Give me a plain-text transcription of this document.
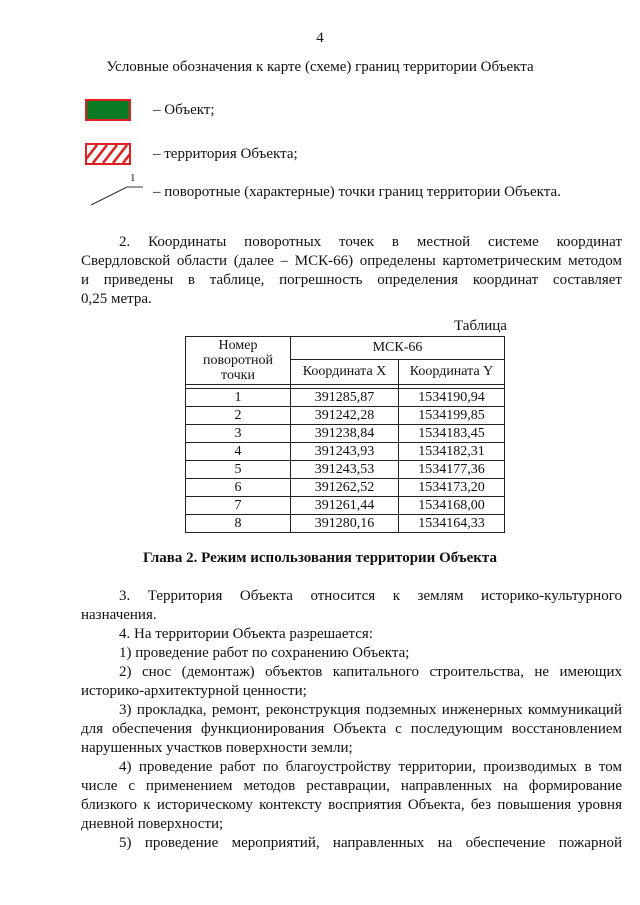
4
Условные обозначения к карте (схеме) границ территории Объекта
– Объект;
– территория Объекта;
1
– поворотные (характерные) точки границ территории Объекта.
2. Координаты поворотных точек в местной системе координат
Свердловской области (далее – МСК-66) определены картометрическим методом
и приведены в таблице, погрешность определения координат составляет
0,25 метра.
Таблица
Номер поворотной точки	МСК-66	
	Координата X	Координата Y

1	391285,87	1534190,94
2	391242,28	1534199,85
3	391238,84	1534183,45
4	391243,93	1534182,31
5	391243,53	1534177,36
6	391262,52	1534173,20
7	391261,44	1534168,00
8	391280,16	1534164,33
Глава 2. Режим использования территории Объекта
3. Территория Объекта относится к землям историко-культурного
назначения.
4. На территории Объекта разрешается:
1) проведение работ по сохранению Объекта;
2) снос (демонтаж) объектов капитального строительства, не имеющих
историко-архитектурной ценности;
3) прокладка, ремонт, реконструкция подземных инженерных коммуникаций
для обеспечения функционирования Объекта с последующим восстановлением
нарушенных участков поверхности земли;
4) проведение работ по благоустройству территории, производимых в том
числе с применением методов реставрации, направленных на формирование
близкого к историческому контексту восприятия Объекта, без повышения уровня
дневной поверхности;
5) проведение мероприятий, направленных на обеспечение пожарной
